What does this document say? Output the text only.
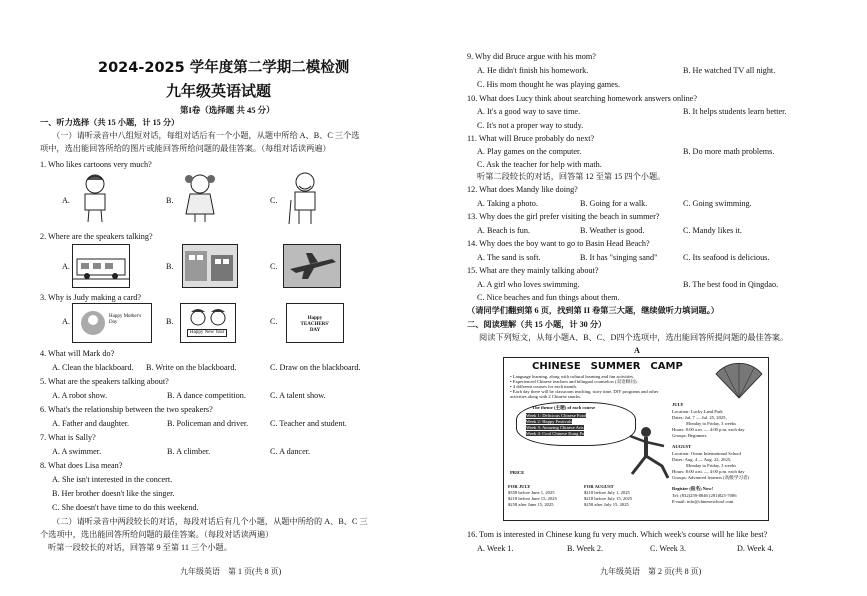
2024-2025 学年度第二学期二模检测
九年级英语试题
第I卷（选择题 共 45 分）
一、听力选择（共 15 小题，计 15 分）
（一）请听录音中八组短对话，每组对话后有一个小题，从题中所给 A、B、C 三个选
项中，选出能回答所给的图片或能回答所给问题的最佳答案。（每组对话读两遍）
1. Who likes cartoons very much?
A.	B.	C.
2. Where are the speakers talking?
A.	B.	C.
3. Why is Judy making a card?
A.	B.	C.
Happy Mother's Day
Happy New Year
Happy TEACHERS' DAY
4. What will Mark do?
A. Clean the blackboard. B. Write on the blackboard.	C. Draw on the blackboard.
5. What are the speakers talking about?
A. A robot show.	B. A dance competition.	C. A talent show.
6. What's the relationship between the two speakers?
A. Father and daughter.	B. Policeman and driver.	C. Teacher and student.
7. What is Sally?
A. A swimmer.	B. A climber.	C. A dancer.
8. What does Lisa mean?
A. She isn't interested in the concert.
B. Her brother doesn't like the singer.
C. She doesn't have time to do this weekend.
（二）请听录音中两段较长的对话，每段对话后有几个小题，从题中所给的 A、B、C 三
个选项中，选出能回答所给问题的最佳答案。（每段对话读两遍）
听第一段较长的对话，回答第 9 至第 11 三个小题。
九年级英语　第 1 页(共 8 页)
9. Why did Bruce argue with his mom?
A. He didn't finish his homework.	B. He watched TV all night.
C. His mom thought he was playing games.
10. What does Lucy think about searching homework answers online?
A. It's a good way to save time.	B. It helps students learn better.
C. It's not a proper way to study.
11. What will Bruce probably do next?
A. Play games on the computer.	B. Do more math problems.
C. Ask the teacher for help with math.
听第二段较长的对话，回答第 12 至第 15 四个小题。
12. What does Mandy like doing?
A. Taking a photo.	B. Going for a walk.	C. Going swimming.
13. Why does the girl prefer visiting the beach in summer?
A. Beach is fun.	B. Weather is good.	C. Mandy likes it.
14. Why does the boy want to go to Basin Head Beach?
A. The sand is soft.	B. It has "singing sand"	C. Its seafood is delicious.
15. What are they mainly talking about?
A. A girl who loves swimming.	B. The best food in Qingdao.
C. Nice beaches and fun things about them.
（请同学们翻到第 6 页，找到第 II 卷第三大题，继续做听力填词题。）
二、阅读理解（共 15 小题，计 30 分）
阅读下列短文，从每小题A、B、C、D四个选项中，选出能回答所提问题的最佳答案。
A
CHINESE　SUMMER　CAMP
• Language learning, along with cultural learning and fun activities.
• Experienced Chinese teachers and bilingual counselors (双语顾问).
• 4 different courses for each month.
• Each day there will be classroom teaching, story time, DIY programs and other
activities along with 2 Chinese snacks.
The theme (主题) of each course
Week 1: Delicious Chinese Food
Week 2: Happy Festivals
Week 3: Amazing Chinese Arts
Week 4: Cool Chinese Kung Fu
JULY
Location: Lucky Land Park
Dates: Jul. 7 — Jul. 25, 2025,
Monday to Friday, 3 weeks
Hours: 8:00 a.m. — 4:00 p.m. each day
Groups: Beginners
AUGUST
Location: Ocean International School
Dates: Aug. 4 — Aug. 22, 2025,
Monday to Friday, 3 weeks
Hours: 8:00 a.m. — 4:00 p.m. each day
Groups: Advanced learners (高级学习者)
PRICE
FOR JULY
$358 before June 1, 2025
$218 before June 15, 2025
$258 after June 15, 2025
FOR AUGUST
$218 before July 1, 2025
$218 before July 15, 2025
$258 after July 15, 2025
Register (报名) Now!
Tel: (832)259-8846 (281)825-7006
E-mail: info@chineseschool.com
16. Tom is interested in Chinese kung fu very much. Which week's course will he like best?
A. Week 1.	B. Week 2.	C. Week 3.	D. Week 4.
九年级英语　第 2 页(共 8 页)
